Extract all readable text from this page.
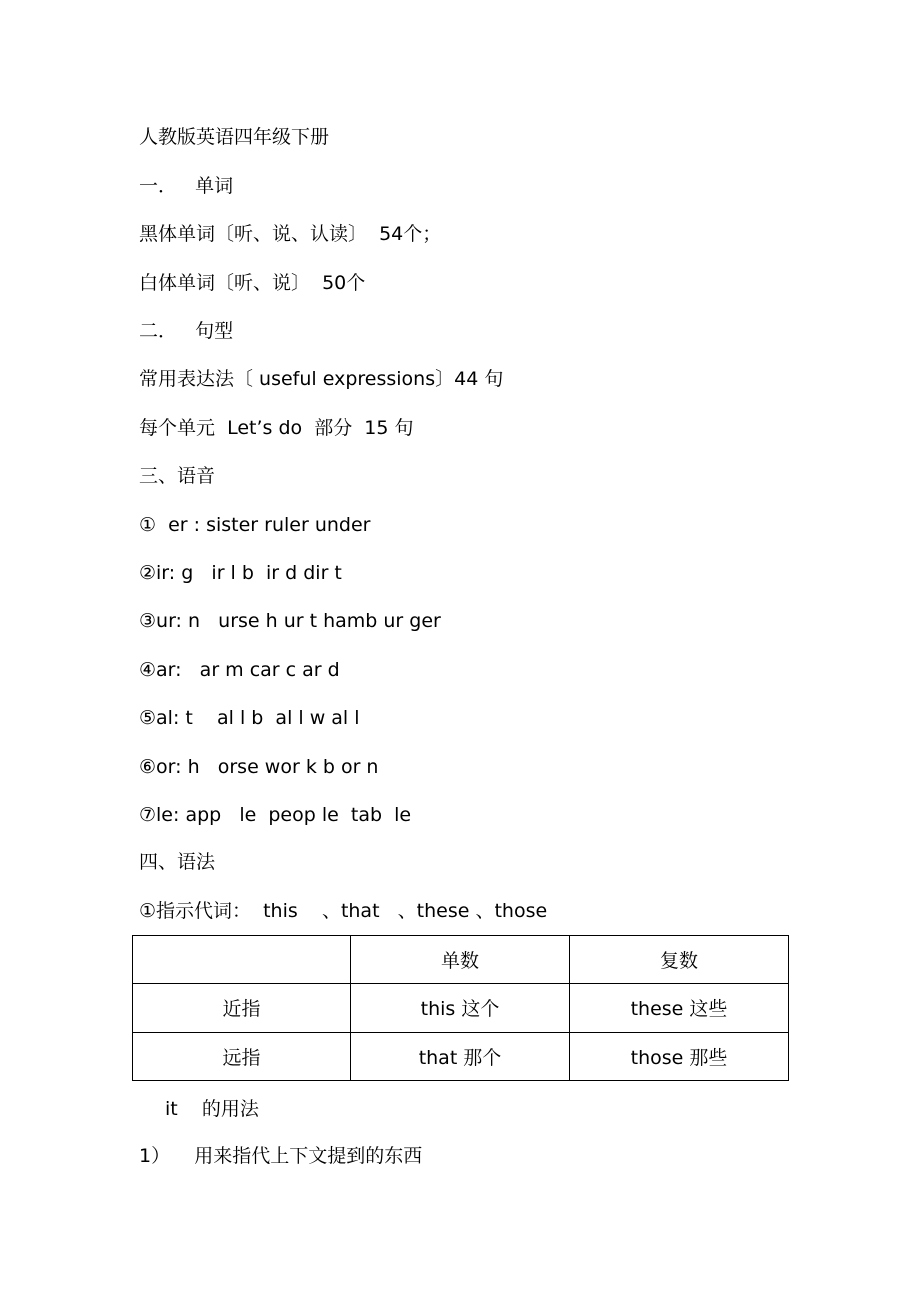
人教版英语四年级下册
一．   单词
黑体单词〔听、说、认读〕  54个；
白体单词〔听、说〕  50个
二．   句型
常用表达法〔 useful expressions〕44 句
每个单元  Let’s do  部分  15 句
三、语音
①  er : sister ruler under
②ir: g   ir l b  ir d dir t
③ur: n   urse h ur t hamb ur ger
④ar:   ar m car c ar d
⑤al: t    al l b  al l w al l
⑥or: h   orse wor k b or n
⑦le: app   le  peop le  tab  le
四、语法
①指示代词：  this    、that   、these 、those
	单数	复数
近指	this 这个	these 这些
远指	that 那个	those 那些
it    的用法
1）    用来指代上下文提到的东西
